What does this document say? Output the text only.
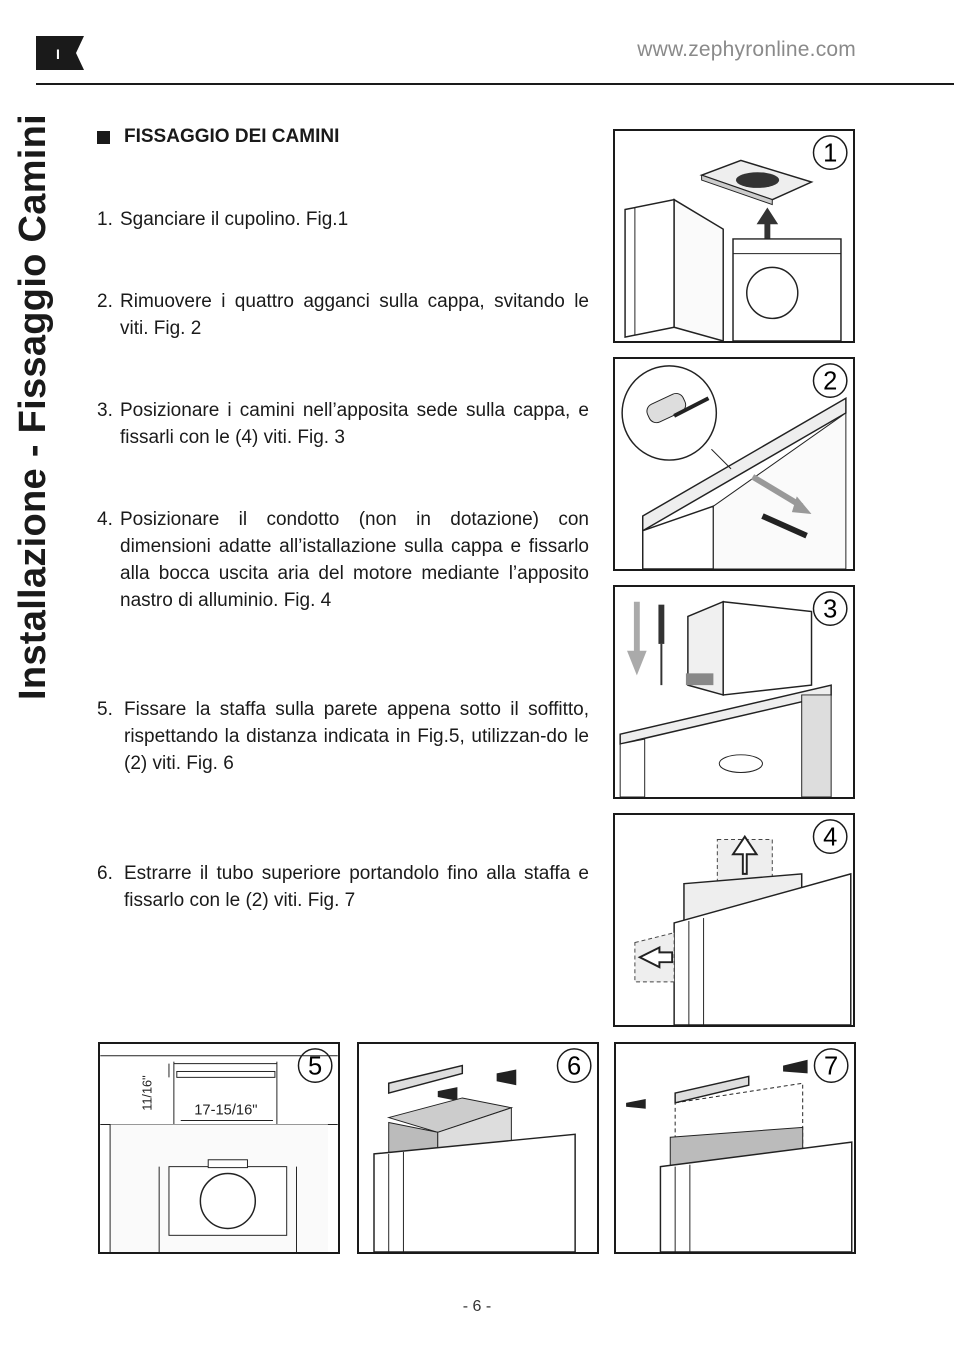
I	www.zephyronline.com
Installazione - Fissaggio Camini	FISSAGGIO DEI CAMINI
1. Sganciare il cupolino. Fig.1
2. Rimuovere i quattro agganci sulla cappa, svitando le viti. Fig. 2
3. Posizionare i camini nell’apposita sede sulla cappa, e fissarli con le (4) viti. Fig. 3
4. Posizionare il condotto (non in dotazione) con dimensioni adatte all’istallazione sulla cappa e fissarlo alla bocca uscita aria del motore mediante l’apposito nastro di alluminio. Fig. 4
5. Fissare la staffa sulla parete appena sotto il soffitto, rispettando la distanza indicata in Fig.5, utilizzan-do le (2) viti. Fig. 6
6. Estrarre il tubo superiore portandolo fino alla staffa e fissarlo con le (2) viti. Fig. 7
1
2
3
4
5
11/16"	17-15/16"
6	7
- 6 -
